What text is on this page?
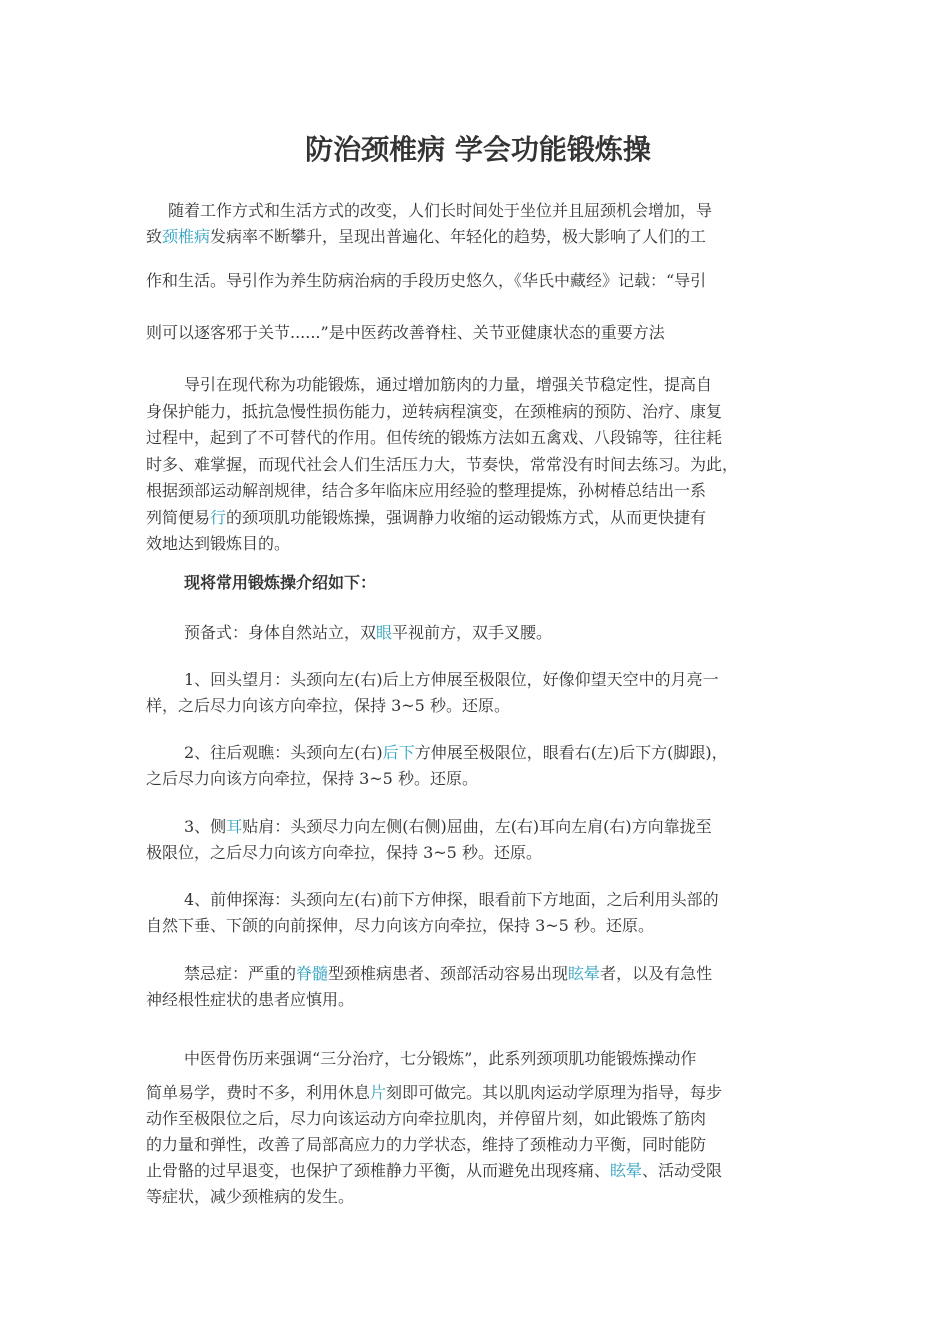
防治颈椎病 学会功能锻炼操
随着工作方式和生活方式的改变，人们长时间处于坐位并且屈颈机会增加，导
致颈椎病发病率不断攀升，呈现出普遍化、年轻化的趋势，极大影响了人们的工
作和生活。导引作为养生防病治病的手段历史悠久，《华氏中藏经》记载：“导引
则可以逐客邪于关节......”是中医药改善脊柱、关节亚健康状态的重要方法
导引在现代称为功能锻炼，通过增加筋肉的力量，增强关节稳定性，提高自
身保护能力，抵抗急慢性损伤能力，逆转病程演变，在颈椎病的预防、治疗、康复
过程中，起到了不可替代的作用。但传统的锻炼方法如五禽戏、八段锦等，往往耗
时多、难掌握，而现代社会人们生活压力大，节奏快，常常没有时间去练习。为此，
根据颈部运动解剖规律，结合多年临床应用经验的整理提炼，孙树椿总结出一系
列简便易行的颈项肌功能锻炼操，强调静力收缩的运动锻炼方式，从而更快捷有
效地达到锻炼目的。
现将常用锻炼操介绍如下：
预备式：身体自然站立，双眼平视前方，双手叉腰。
1、回头望月：头颈向左(右)后上方伸展至极限位，好像仰望天空中的月亮一
样，之后尽力向该方向牵拉，保持 3~5 秒。还原。
2、往后观瞧：头颈向左(右)后下方伸展至极限位，眼看右(左)后下方(脚跟)，
之后尽力向该方向牵拉，保持 3~5 秒。还原。
3、侧耳贴肩：头颈尽力向左侧(右侧)屈曲，左(右)耳向左肩(右)方向靠拢至
极限位，之后尽力向该方向牵拉，保持 3~5 秒。还原。
4、前伸探海：头颈向左(右)前下方伸探，眼看前下方地面，之后利用头部的
自然下垂、下颌的向前探伸，尽力向该方向牵拉，保持 3~5 秒。还原。
禁忌症：严重的脊髓型颈椎病患者、颈部活动容易出现眩晕者，以及有急性
神经根性症状的患者应慎用。
中医骨伤历来强调“三分治疗，七分锻炼”，此系列颈项肌功能锻炼操动作
简单易学，费时不多，利用休息片刻即可做完。其以肌肉运动学原理为指导，每步
动作至极限位之后，尽力向该运动方向牵拉肌肉，并停留片刻，如此锻炼了筋肉
的力量和弹性，改善了局部高应力的力学状态，维持了颈椎动力平衡，同时能防
止骨骼的过早退变，也保护了颈椎静力平衡，从而避免出现疼痛、眩晕、活动受限
等症状，减少颈椎病的发生。
